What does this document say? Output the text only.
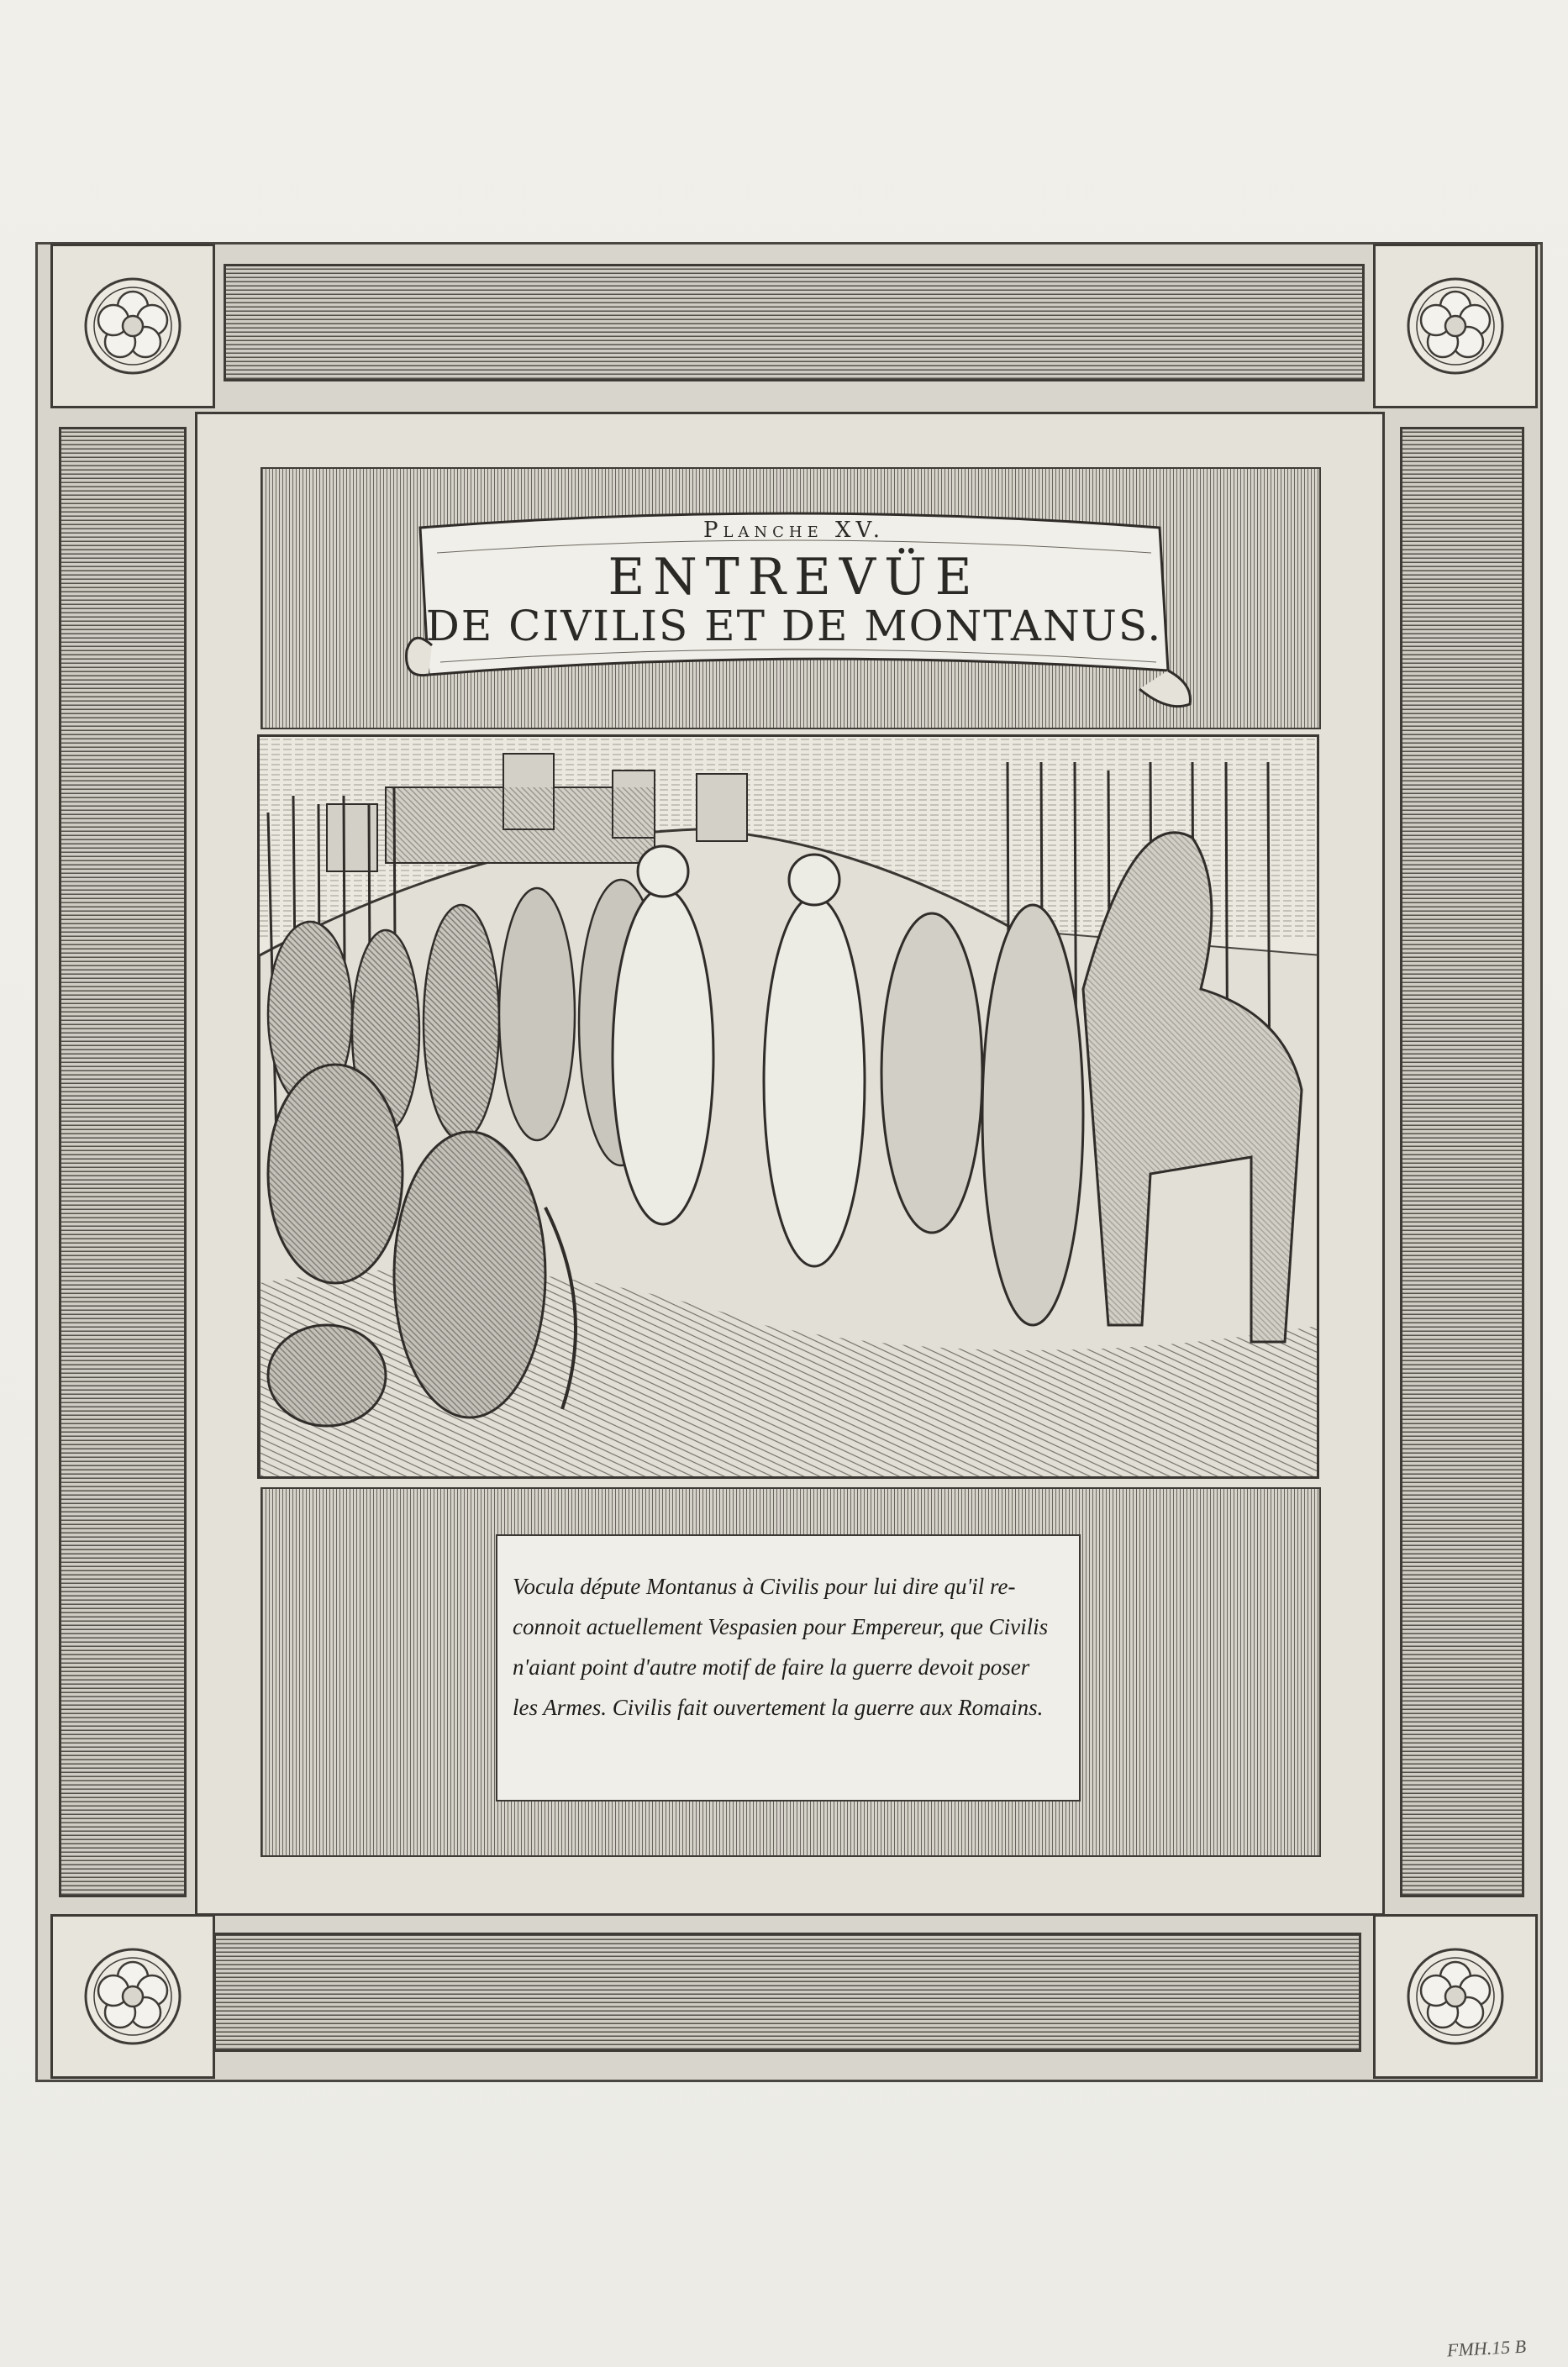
Planche XV.
ENTREVÜE
DE CIVILIS ET DE MONTANUS.
Vocula députe Montanus à Civilis pour lui dire qu'il re-
connoit actuellement Vespasien pour Empereur, que Civilis
n'aiant point d'autre motif de faire la guerre devoit poser
les Armes. Civilis fait ouvertement la guerre aux Romains.
FMH.15 B
